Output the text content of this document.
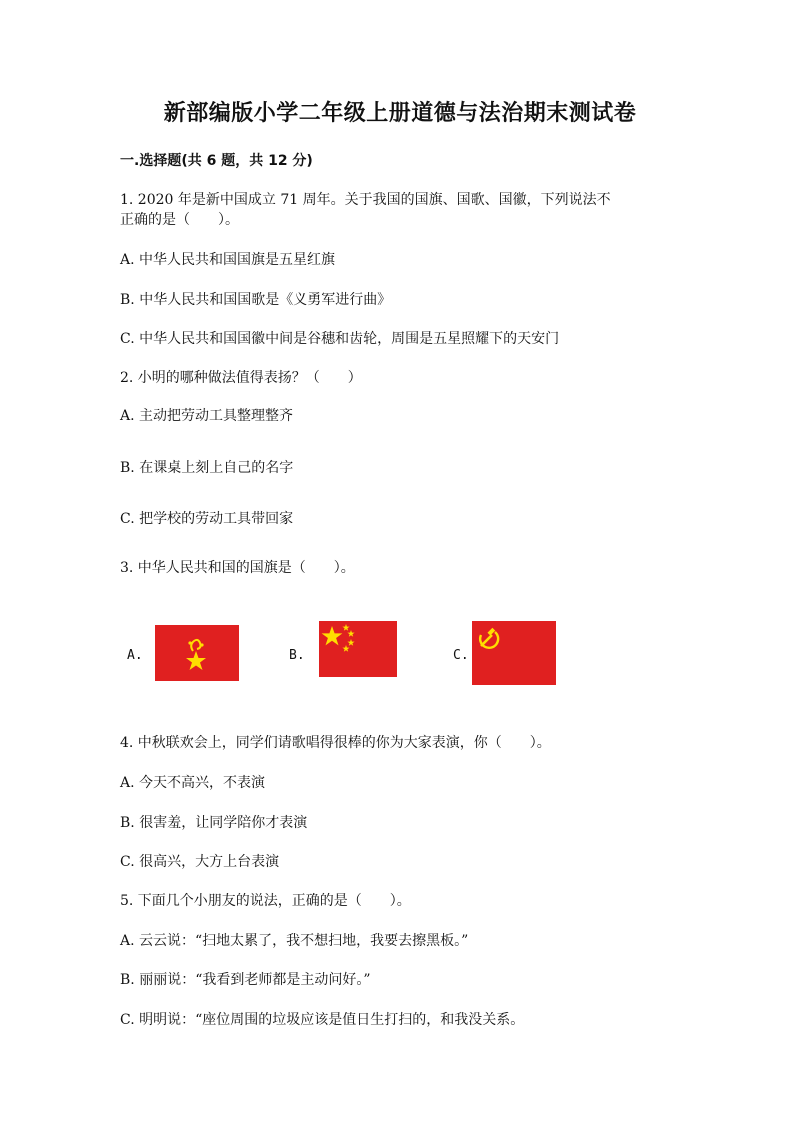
新部编版小学二年级上册道德与法治期末测试卷
一.选择题(共 6 题，共 12 分)
1. 2020 年是新中国成立 71 周年。关于我国的国旗、国歌、国徽，下列说法不
正确的是（　　）。
A. 中华人民共和国国旗是五星红旗
B. 中华人民共和国国歌是《义勇军进行曲》
C. 中华人民共和国国徽中间是谷穗和齿轮，周围是五星照耀下的天安门
2. 小明的哪种做法值得表扬？（　　）
A. 主动把劳动工具整理整齐
B. 在课桌上刻上自己的名字
C. 把学校的劳动工具带回家
3. 中华人民共和国的国旗是（　　）。
A.	B.	C.
4. 中秋联欢会上，同学们请歌唱得很棒的你为大家表演，你（　　）。
A. 今天不高兴，不表演
B. 很害羞，让同学陪你才表演
C. 很高兴，大方上台表演
5. 下面几个小朋友的说法，正确的是（　　）。
A. 云云说：“扫地太累了，我不想扫地，我要去擦黑板。”
B. 丽丽说：“我看到老师都是主动问好。”
C. 明明说：“座位周围的垃圾应该是值日生打扫的，和我没关系。
